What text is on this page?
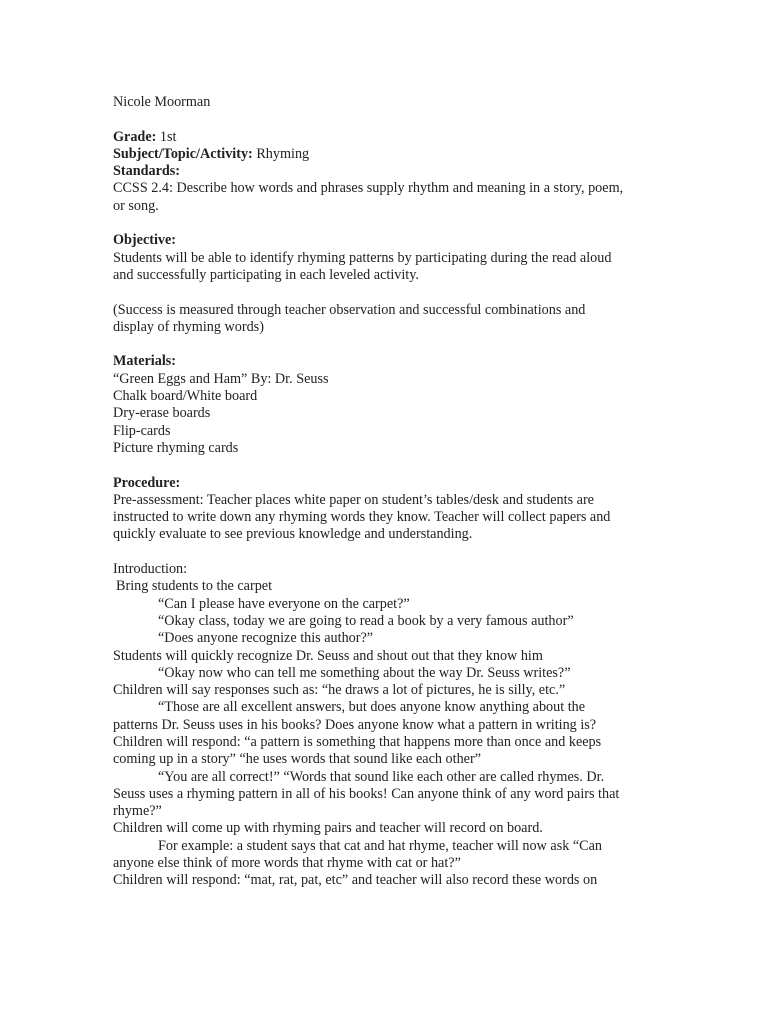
Nicole Moorman
Grade: 1st
Subject/Topic/Activity: Rhyming
Standards:
CCSS 2.4: Describe how words and phrases supply rhythm and meaning in a story, poem,
or song.
Objective:
Students will be able to identify rhyming patterns by participating during the read aloud
and successfully participating in each leveled activity.
(Success is measured through teacher observation and successful combinations and
display of rhyming words)
Materials:
“Green Eggs and Ham” By: Dr. Seuss
Chalk board/White board
Dry-erase boards
Flip-cards
Picture rhyming cards
Procedure:
Pre-assessment: Teacher places white paper on student’s tables/desk and students are
instructed to write down any rhyming words they know. Teacher will collect papers and
quickly evaluate to see previous knowledge and understanding.
Introduction:
Bring students to the carpet
“Can I please have everyone on the carpet?”
“Okay class, today we are going to read a book by a very famous author”
“Does anyone recognize this author?”
Students will quickly recognize Dr. Seuss and shout out that they know him
“Okay now who can tell me something about the way Dr. Seuss writes?”
Children will say responses such as: “he draws a lot of pictures, he is silly, etc.”
“Those are all excellent answers, but does anyone know anything about the
patterns Dr. Seuss uses in his books? Does anyone know what a pattern in writing is?
Children will respond: “a pattern is something that happens more than once and keeps
coming up in a story” “he uses words that sound like each other”
“You are all correct!” “Words that sound like each other are called rhymes. Dr.
Seuss uses a rhyming pattern in all of his books! Can anyone think of any word pairs that
rhyme?”
Children will come up with rhyming pairs and teacher will record on board.
For example: a student says that cat and hat rhyme, teacher will now ask “Can
anyone else think of more words that rhyme with cat or hat?”
Children will respond: “mat, rat, pat, etc” and teacher will also record these words on
